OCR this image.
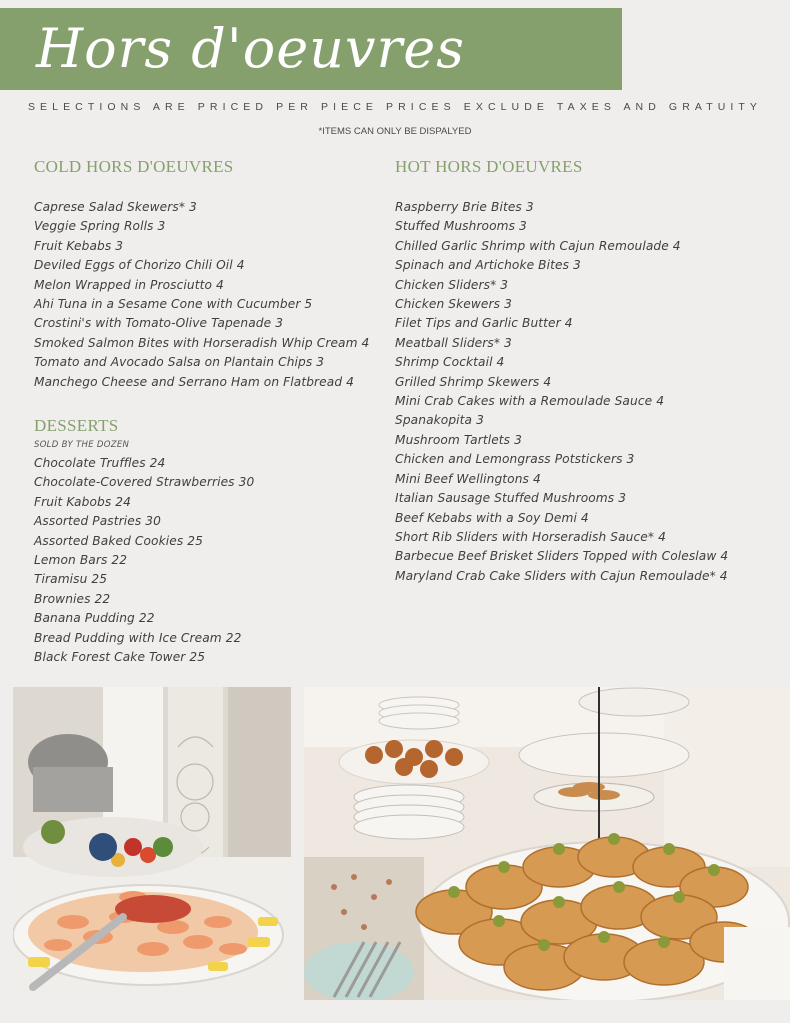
Hors d'oeuvres
SELECTIONS ARE PRICED PER PIECE PRICES EXCLUDE TAXES AND GRATUITY
*ITEMS CAN ONLY BE DISPALYED
COLD HORS D'OEUVRES
Caprese Salad Skewers* 3
Veggie Spring Rolls 3
Fruit Kebabs 3
Deviled Eggs of Chorizo Chili Oil 4
Melon Wrapped in Prosciutto 4
Ahi Tuna in a Sesame Cone with Cucumber 5
Crostini's with Tomato-Olive Tapenade 3
Smoked Salmon Bites with Horseradish Whip Cream 4
Tomato and Avocado Salsa on Plantain Chips 3
Manchego Cheese and Serrano Ham on Flatbread 4
DESSERTS
SOLD BY THE DOZEN
Chocolate Truffles 24
Chocolate-Covered Strawberries 30
Fruit Kabobs 24
Assorted Pastries 30
Assorted Baked Cookies 25
Lemon Bars 22
Tiramisu 25
Brownies 22
Banana Pudding 22
Bread Pudding with Ice Cream 22
Black Forest Cake Tower 25
HOT HORS D'OEUVRES
Raspberry Brie Bites 3
Stuffed Mushrooms 3
Chilled Garlic Shrimp with Cajun Remoulade 4
Spinach and Artichoke Bites 3
Chicken Sliders* 3
Chicken Skewers 3
Filet Tips and Garlic Butter 4
Meatball Sliders* 3
Shrimp Cocktail 4
Grilled Shrimp Skewers 4
Mini Crab Cakes with a Remoulade Sauce 4
Spanakopita 3
Mushroom Tartlets 3
Chicken and Lemongrass Potstickers 3
Mini Beef Wellingtons 4
Italian Sausage Stuffed Mushrooms 3
Beef Kebabs with a Soy Demi 4
Short Rib Sliders with Horseradish Sauce* 4
Barbecue Beef Brisket Sliders Topped with Coleslaw 4
Maryland Crab Cake Sliders with Cajun Remoulade* 4
